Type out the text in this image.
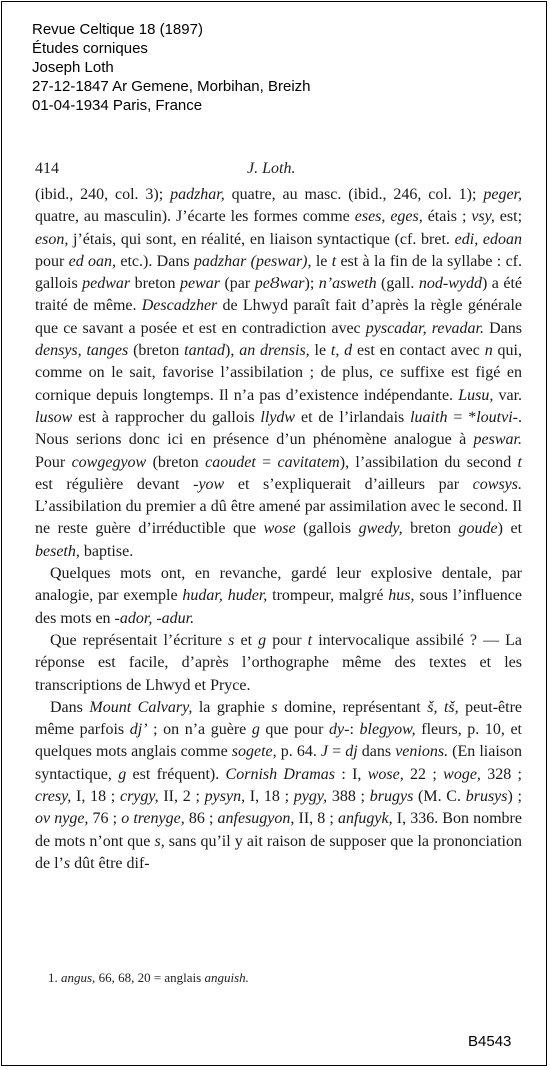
Revue Celtique 18 (1897)
Études corniques
Joseph Loth
27-12-1847 Ar Gemene, Morbihan, Breizh
01-04-1934 Paris, France
414	J. Loth.

(ibid., 240, col. 3); padzhar, quatre, au masc. (ibid., 246, col. 1); peger, quatre, au masculin). J’écarte les formes comme eses, eges, étais ; vsy, est; eson, j’étais, qui sont, en réalité, en liaison syntactique (cf. bret. edi, edoan pour ed oan, etc.). Dans padzhar (peswar), le t est à la fin de la syllabe : cf. gallois pedwar breton pewar (par peȢwar); n’asweth (gall. nod-wydd) a été traité de même. Descadzher de Lhwyd paraît fait d’après la règle générale que ce savant a posée et est en contradiction avec pyscadar, revadar. Dans densys, tanges (breton tantad), an drensis, le t, d est en contact avec n qui, comme on le sait, favorise l’assibilation ; de plus, ce suffixe est figé en cornique depuis longtemps. Il n’a pas d’existence indépendante. Lusu, var. lusow est à rapprocher du gallois llydw et de l’irlandais luaith = *loutvi-. Nous serions donc ici en présence d’un phénomène analogue à peswar. Pour cowgegyow (breton caoudet = cavitatem), l’assibilation du second t est régulière devant -yow et s’expliquerait d’ailleurs par cowsys. L’assibilation du premier a dû être amené par assimilation avec le second. Il ne reste guère d’irréductible que wose (gallois gwedy, breton goude) et beseth, baptise.

Quelques mots ont, en revanche, gardé leur explosive dentale, par analogie, par exemple hudar, huder, trompeur, malgré hus, sous l’influence des mots en -ador, -adur.

Que représentait l’écriture s et g pour t intervocalique assibilé ? — La réponse est facile, d’après l’orthographe même des textes et les transcriptions de Lhwyd et Pryce.

Dans Mount Calvary, la graphie s domine, représentant š, tš, peut-être même parfois dj’ ; on n’a guère g que pour dy-: blegyow, fleurs, p. 10, et quelques mots anglais comme sogete, p. 64. J = dj dans venions. (En liaison syntactique, g est fréquent). Cornish Dramas : I, wose, 22 ; woge, 328 ; cresy, I, 18 ; crygy, II, 2 ; pysyn, I, 18 ; pygy, 388 ; brugys (M. C. brusys) ; ov nyge, 76 ; o trenyge, 86 ; anfesugyon, II, 8 ; anfugyk, I, 336. Bon nombre de mots n’ont que s, sans qu’il y ait raison de supposer que la prononciation de l’s dût être dif-

1. angus, 66, 68, 20 = anglais anguish.
B4543
